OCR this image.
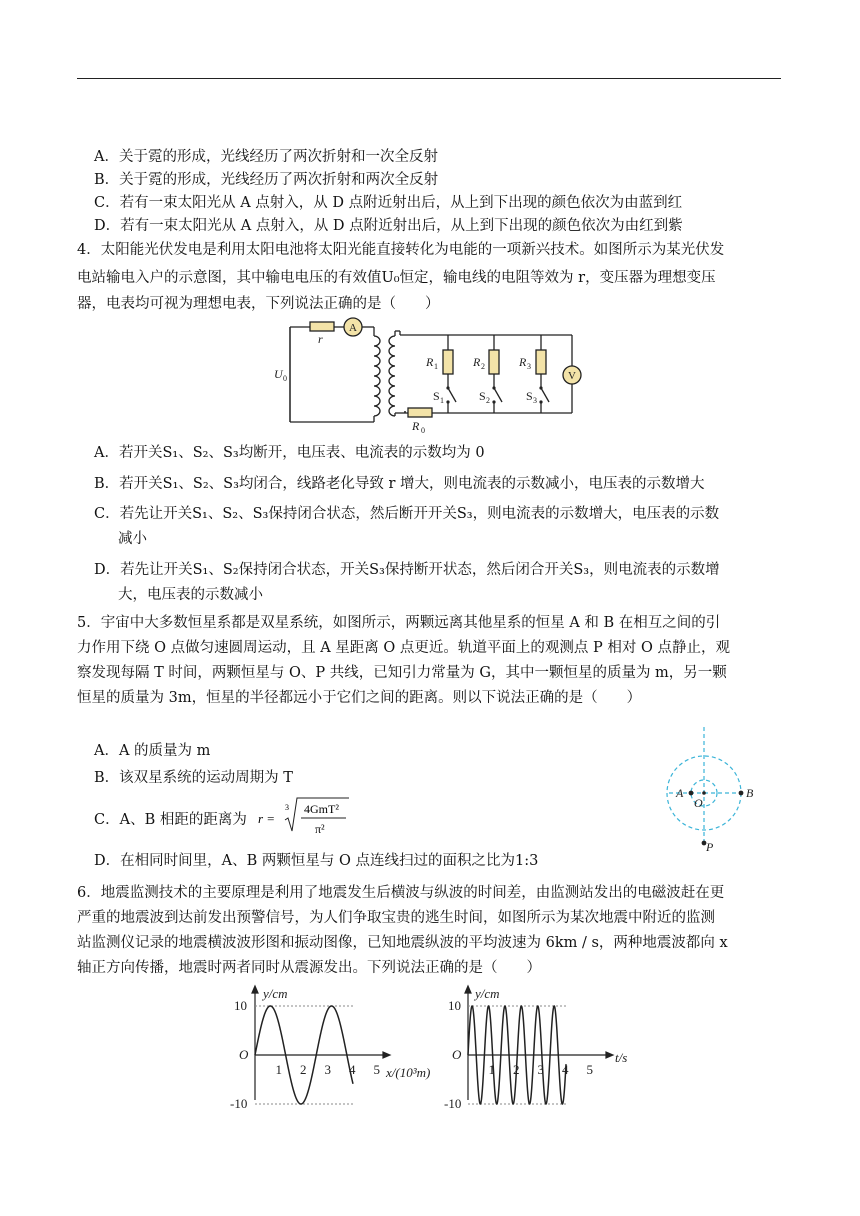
A．关于霓的形成，光线经历了两次折射和一次全反射
B．关于霓的形成，光线经历了两次折射和两次全反射
C．若有一束太阳光从 A 点射入，从 D 点附近射出后，从上到下出现的颜色依次为由蓝到红
D．若有一束太阳光从 A 点射入，从 D 点附近射出后，从上到下出现的颜色依次为由红到紫
4．太阳能光伏发电是利用太阳电池将太阳光能直接转化为电能的一项新兴技术。如图所示为某光伏发
电站输电入户的示意图，其中输电电压的有效值U₀恒定，输电线的电阻等效为 r，变压器为理想变压
器，电表均可视为理想电表，下列说法正确的是（　　）
r
A
U 0
R 0
R 1	R 2	R 3
S 1	S 2	S 3
V
A．若开关S₁、S₂、S₃均断开，电压表、电流表的示数均为 0
B．若开关S₁、S₂、S₃均闭合，线路老化导致 r 增大，则电流表的示数减小，电压表的示数增大
C．若先让开关S₁、S₂、S₃保持闭合状态，然后断开开关S₃，则电流表的示数增大，电压表的示数
减小
D．若先让开关S₁、S₂保持闭合状态，开关S₃保持断开状态，然后闭合开关S₃，则电流表的示数增
大，电压表的示数减小
5．宇宙中大多数恒星系都是双星系统，如图所示，两颗远离其他星系的恒星 A 和 B 在相互之间的引
力作用下绕 O 点做匀速圆周运动，且 A 星距离 O 点更近。轨道平面上的观测点 P 相对 O 点静止，观
察发现每隔 T 时间，两颗恒星与 O、P 共线，已知引力常量为 G，其中一颗恒星的质量为 m，另一颗
恒星的质量为 3m，恒星的半径都远小于它们之间的距离。则以下说法正确的是（　　）
A．A 的质量为 m
B．该双星系统的运动周期为 T
C．A、B 相距的距离为 r =
3 4GmT²
π²
D．在相同时间里，A、B 两颗恒星与 O 点连线扫过的面积之比为1:3
A
O
B
P
6．地震监测技术的主要原理是利用了地震发生后横波与纵波的时间差，由监测站发出的电磁波赶在更
严重的地震波到达前发出预警信号，为人们争取宝贵的逃生时间，如图所示为某次地震中附近的监测
站监测仪记录的地震横波波形图和振动图像，已知地震纵波的平均波速为 6km / s，两种地震波都向 x
轴正方向传播，地震时两者同时从震源发出。下列说法正确的是（　　）
y/cm
10
-10
O
x/(10³m)
1 2 3 4 5
y/cm
10
-10
O	t/s
1 2 3 4 5
